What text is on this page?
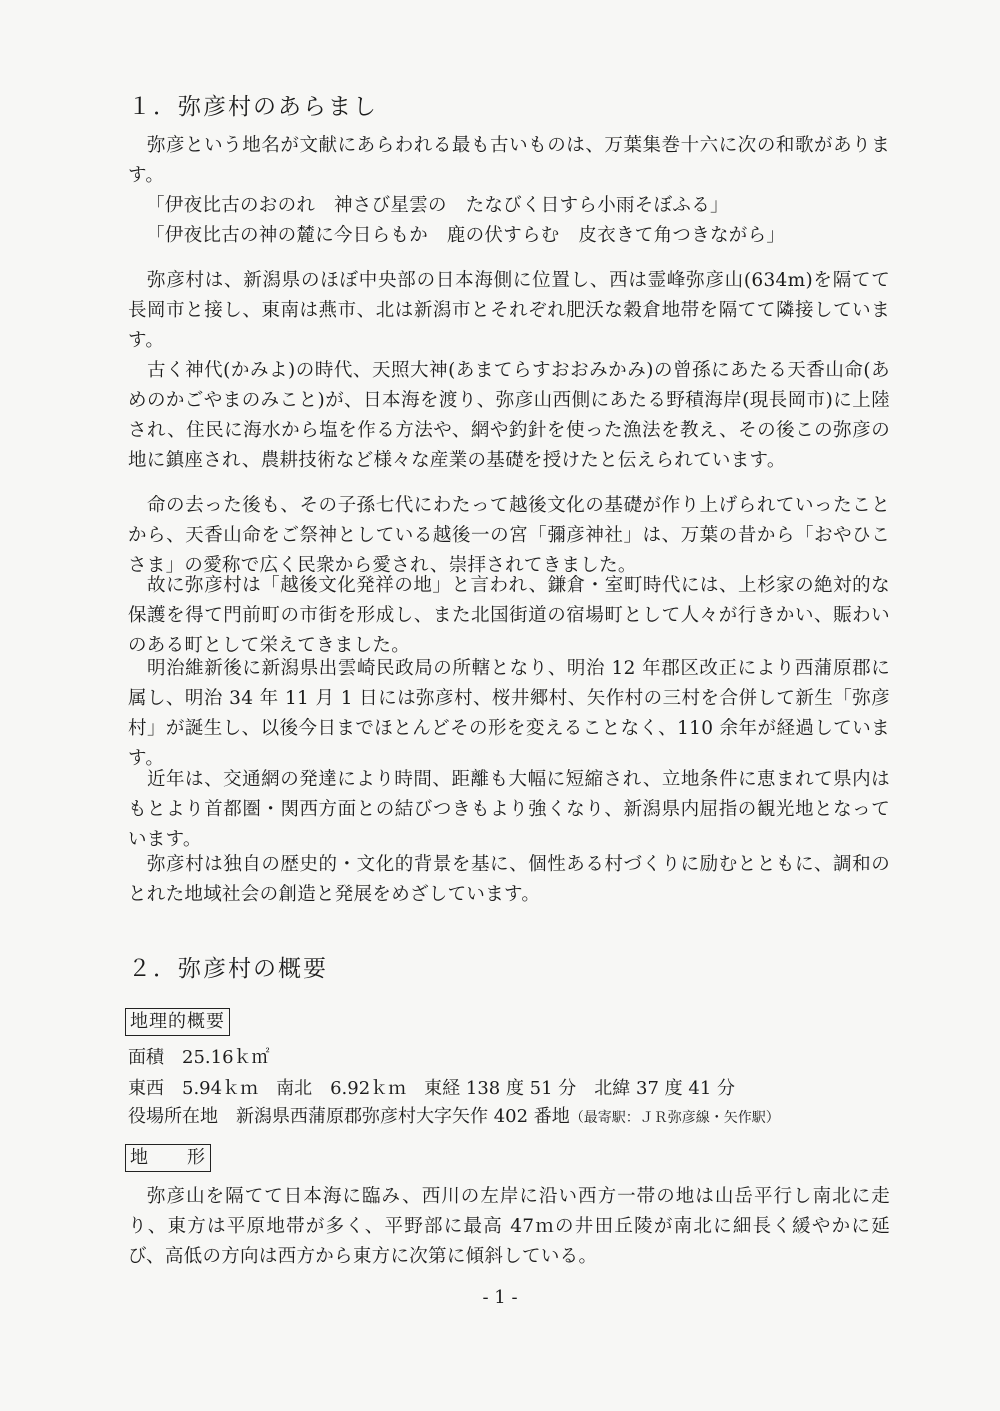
１．弥彦村のあらまし

弥彦という地名が文献にあらわれる最も古いものは、万葉集巻十六に次の和歌があります。

「伊夜比古のおのれ　神さび星雲の　たなびく日すら小雨そぼふる」

「伊夜比古の神の麓に今日らもか　鹿の伏すらむ　皮衣きて角つきながら」

弥彦村は、新潟県のほぼ中央部の日本海側に位置し、西は霊峰弥彦山(634m)を隔てて長岡市と接し、東南は燕市、北は新潟市とそれぞれ肥沃な穀倉地帯を隔てて隣接しています。

古く神代(かみよ)の時代、天照大神(あまてらすおおみかみ)の曾孫にあたる天香山命(あめのかごやまのみこと)が、日本海を渡り、弥彦山西側にあたる野積海岸(現長岡市)に上陸され、住民に海水から塩を作る方法や、網や釣針を使った漁法を教え、その後この弥彦の地に鎮座され、農耕技術など様々な産業の基礎を授けたと伝えられています。

命の去った後も、その子孫七代にわたって越後文化の基礎が作り上げられていったことから、天香山命をご祭神としている越後一の宮「彌彦神社」は、万葉の昔から「おやひこさま」の愛称で広く民衆から愛され、崇拝されてきました。

故に弥彦村は「越後文化発祥の地」と言われ、鎌倉・室町時代には、上杉家の絶対的な保護を得て門前町の市街を形成し、また北国街道の宿場町として人々が行きかい、賑わいのある町として栄えてきました。

明治維新後に新潟県出雲崎民政局の所轄となり、明治 12 年郡区改正により西蒲原郡に属し、明治 34 年 11 月 1 日には弥彦村、桜井郷村、矢作村の三村を合併して新生「弥彦村」が誕生し、以後今日までほとんどその形を変えることなく、110 余年が経過しています。

近年は、交通網の発達により時間、距離も大幅に短縮され、立地条件に恵まれて県内はもとより首都圏・関西方面との結びつきもより強くなり、新潟県内屈指の観光地となっています。

弥彦村は独自の歴史的・文化的背景を基に、個性ある村づくりに励むとともに、調和のとれた地域社会の創造と発展をめざしています。

２．弥彦村の概要
地理的概要

面積　25.16ｋ㎡

東西　5.94ｋｍ　南北　6.92ｋｍ　東経 138 度 51 分　北緯 37 度 41 分

役場所在地　新潟県西蒲原郡弥彦村大字矢作 402 番地（最寄駅：ＪＲ弥彦線・矢作駅）

地　　形

弥彦山を隔てて日本海に臨み、西川の左岸に沿い西方一帯の地は山岳平行し南北に走り、東方は平原地帯が多く、平野部に最高 47ｍの井田丘陵が南北に細長く緩やかに延び、高低の方向は西方から東方に次第に傾斜している。

- 1 -
